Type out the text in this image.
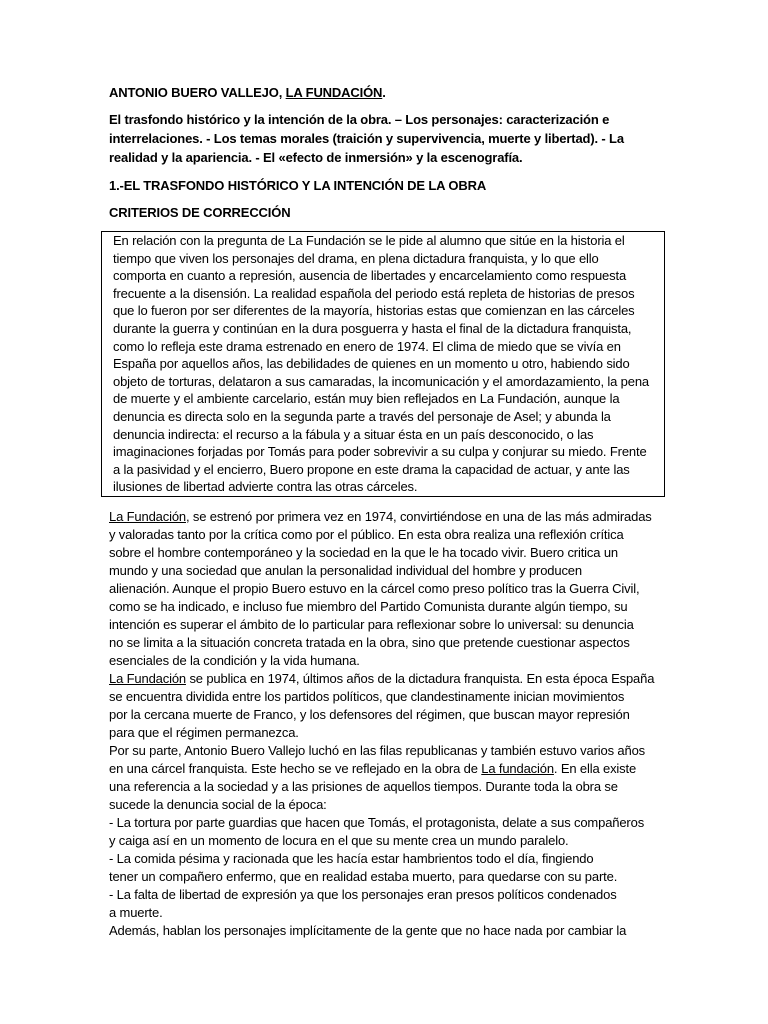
ANTONIO BUERO VALLEJO, LA FUNDACIÓN.
El trasfondo histórico y la intención de la obra. – Los personajes: caracterización e
interrelaciones. - Los temas morales (traición y supervivencia, muerte y libertad). - La
realidad y la apariencia. - El «efecto de inmersión» y la escenografía.
1.-EL TRASFONDO HISTÓRICO Y LA INTENCIÓN DE LA OBRA
CRITERIOS DE CORRECCIÓN
En relación con la pregunta de La Fundación se le pide al alumno que sitúe en la historia el
tiempo que viven los personajes del drama, en plena dictadura franquista, y lo que ello
comporta en cuanto a represión, ausencia de libertades y encarcelamiento como respuesta
frecuente a la disensión. La realidad española del periodo está repleta de historias de presos
que lo fueron por ser diferentes de la mayoría, historias estas que comienzan en las cárceles
durante la guerra y continúan en la dura posguerra y hasta el final de la dictadura franquista,
como lo refleja este drama estrenado en enero de 1974. El clima de miedo que se vivía en
España por aquellos años, las debilidades de quienes en un momento u otro, habiendo sido
objeto de torturas, delataron a sus camaradas, la incomunicación y el amordazamiento, la pena
de muerte y el ambiente carcelario, están muy bien reflejados en La Fundación, aunque la
denuncia es directa solo en la segunda parte a través del personaje de Asel; y abunda la
denuncia indirecta: el recurso a la fábula y a situar ésta en un país desconocido, o las
imaginaciones forjadas por Tomás para poder sobrevivir a su culpa y conjurar su miedo. Frente
a la pasividad y el encierro, Buero propone en este drama la capacidad de actuar, y ante las
ilusiones de libertad advierte contra las otras cárceles.
La Fundación, se estrenó por primera vez en 1974, convirtiéndose en una de las más admiradas
y valoradas tanto por la crítica como por el público. En esta obra realiza una reflexión crítica
sobre el hombre contemporáneo y la sociedad en la que le ha tocado vivir. Buero critica un
mundo y una sociedad que anulan la personalidad individual del hombre y producen
alienación. Aunque el propio Buero estuvo en la cárcel como preso político tras la Guerra Civil,
como se ha indicado, e incluso fue miembro del Partido Comunista durante algún tiempo, su
intención es superar el ámbito de lo particular para reflexionar sobre lo universal: su denuncia
no se limita a la situación concreta tratada en la obra, sino que pretende cuestionar aspectos
esenciales de la condición y la vida humana.
La Fundación se publica en 1974, últimos años de la dictadura franquista. En esta época España
se encuentra dividida entre los partidos políticos, que clandestinamente inician movimientos
por la cercana muerte de Franco, y los defensores del régimen, que buscan mayor represión
para que el régimen permanezca.
Por su parte, Antonio Buero Vallejo luchó en las filas republicanas y también estuvo varios años
en una cárcel franquista. Este hecho se ve reflejado en la obra de La fundación. En ella existe
una referencia a la sociedad y a las prisiones de aquellos tiempos. Durante toda la obra se
sucede la denuncia social de la época:
- La tortura por parte guardias que hacen que Tomás, el protagonista, delate a sus compañeros
y caiga así en un momento de locura en el que su mente crea un mundo paralelo.
- La comida pésima y racionada que les hacía estar hambrientos todo el día, fingiendo
tener un compañero enfermo, que en realidad estaba muerto, para quedarse con su parte.
- La falta de libertad de expresión ya que los personajes eran presos políticos condenados
a muerte.
Además, hablan los personajes implícitamente de la gente que no hace nada por cambiar la
